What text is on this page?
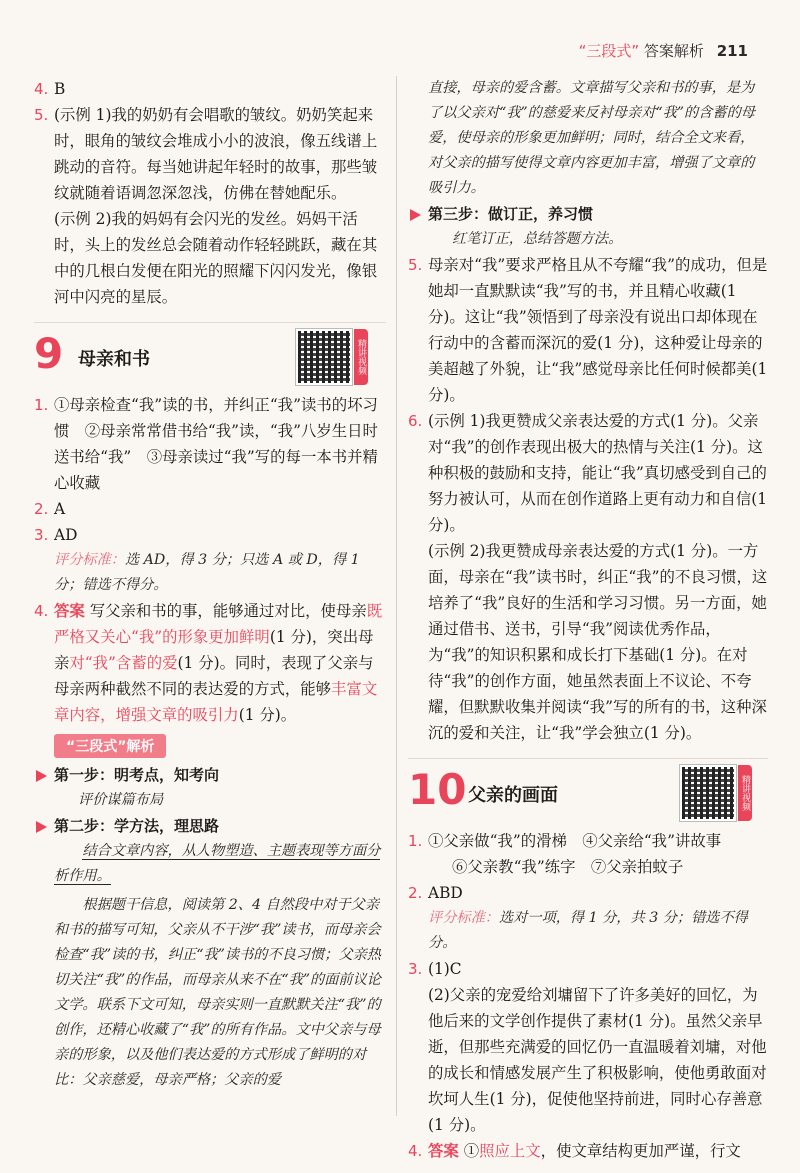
“三段式” 答案解析 211
4. B
5. (示例 1)我的奶奶有会唱歌的皱纹。奶奶笑起来时，眼角的皱纹会堆成小小的波浪，像五线谱上跳动的音符。每当她讲起年轻时的故事，那些皱纹就随着语调忽深忽浅，仿佛在替她配乐。
(示例 2)我的妈妈有会闪光的发丝。妈妈干活时，头上的发丝总会随着动作轻轻跳跃，藏在其中的几根白发便在阳光的照耀下闪闪发光，像银河中闪亮的星辰。
9 母亲和书	精讲视频
1. ①母亲检查“我”读的书，并纠正“我”读书的坏习惯　②母亲常常借书给“我”读，“我”八岁生日时送书给“我”　③母亲读过“我”写的每一本书并精心收藏
2. A
3. AD
评分标准：选 AD，得 3 分；只选 A 或 D，得 1 分；错选不得分。
4. 答案 写父亲和书的事，能够通过对比，使母亲既严格又关心“我”的形象更加鲜明(1 分)，突出母亲对“我”含蓄的爱(1 分)。同时，表现了父亲与母亲两种截然不同的表达爱的方式，能够丰富文章内容，增强文章的吸引力(1 分)。
“三段式”解析
第一步：明考点，知考向
评价谋篇布局
第二步：学方法，理思路
结合文章内容，从人物塑造、主题表现等方面分析作用。
根据题干信息，阅读第 2、4 自然段中对于父亲和书的描写可知，父亲从不干涉“我”读书，而母亲会检查“我”读的书，纠正“我”读书的不良习惯；父亲热切关注“我”的作品，而母亲从来不在“我”的面前议论文学。联系下文可知，母亲实则一直默默关注“我”的创作，还精心收藏了“我”的所有作品。文中父亲与母亲的形象，以及他们表达爱的方式形成了鲜明的对比：父亲慈爱，母亲严格；父亲的爱
直接，母亲的爱含蓄。文章描写父亲和书的事，是为了以父亲对“我”的慈爱来反衬母亲对“我”的含蓄的母爱，使母亲的形象更加鲜明；同时，结合全文来看，对父亲的描写使得文章内容更加丰富，增强了文章的吸引力。
第三步：做订正，养习惯
红笔订正，总结答题方法。
5. 母亲对“我”要求严格且从不夸耀“我”的成功，但是她却一直默默读“我”写的书，并且精心收藏(1 分)。这让“我”领悟到了母亲没有说出口却体现在行动中的含蓄而深沉的爱(1 分)，这种爱让母亲的美超越了外貌，让“我”感觉母亲比任何时候都美(1 分)。
6. (示例 1)我更赞成父亲表达爱的方式(1 分)。父亲对“我”的创作表现出极大的热情与关注(1 分)。这种积极的鼓励和支持，能让“我”真切感受到自己的努力被认可，从而在创作道路上更有动力和自信(1 分)。
(示例 2)我更赞成母亲表达爱的方式(1 分)。一方面，母亲在“我”读书时，纠正“我”的不良习惯，这培养了“我”良好的生活和学习习惯。另一方面，她通过借书、送书，引导“我”阅读优秀作品，为“我”的知识积累和成长打下基础(1 分)。在对待“我”的创作方面，她虽然表面上不议论、不夸耀，但默默收集并阅读“我”写的所有的书，这种深沉的爱和关注，让“我”学会独立(1 分)。
10 父亲的画面	精讲视频
1. ①父亲做“我”的滑梯　④父亲给“我”讲故事
⑥父亲教“我”练字　⑦父亲拍蚊子
2. ABD
评分标准：选对一项，得 1 分，共 3 分；错选不得分。
3. (1)C
(2)父亲的宠爱给刘墉留下了许多美好的回忆，为他后来的文学创作提供了素材(1 分)。虽然父亲早逝，但那些充满爱的回忆仍一直温暖着刘墉，对他的成长和情感发展产生了积极影响，使他勇敢面对坎坷人生(1 分)，促使他坚持前进，同时心存善意(1 分)。
4. 答案 ①照应上文，使文章结构更加严谨，行文
